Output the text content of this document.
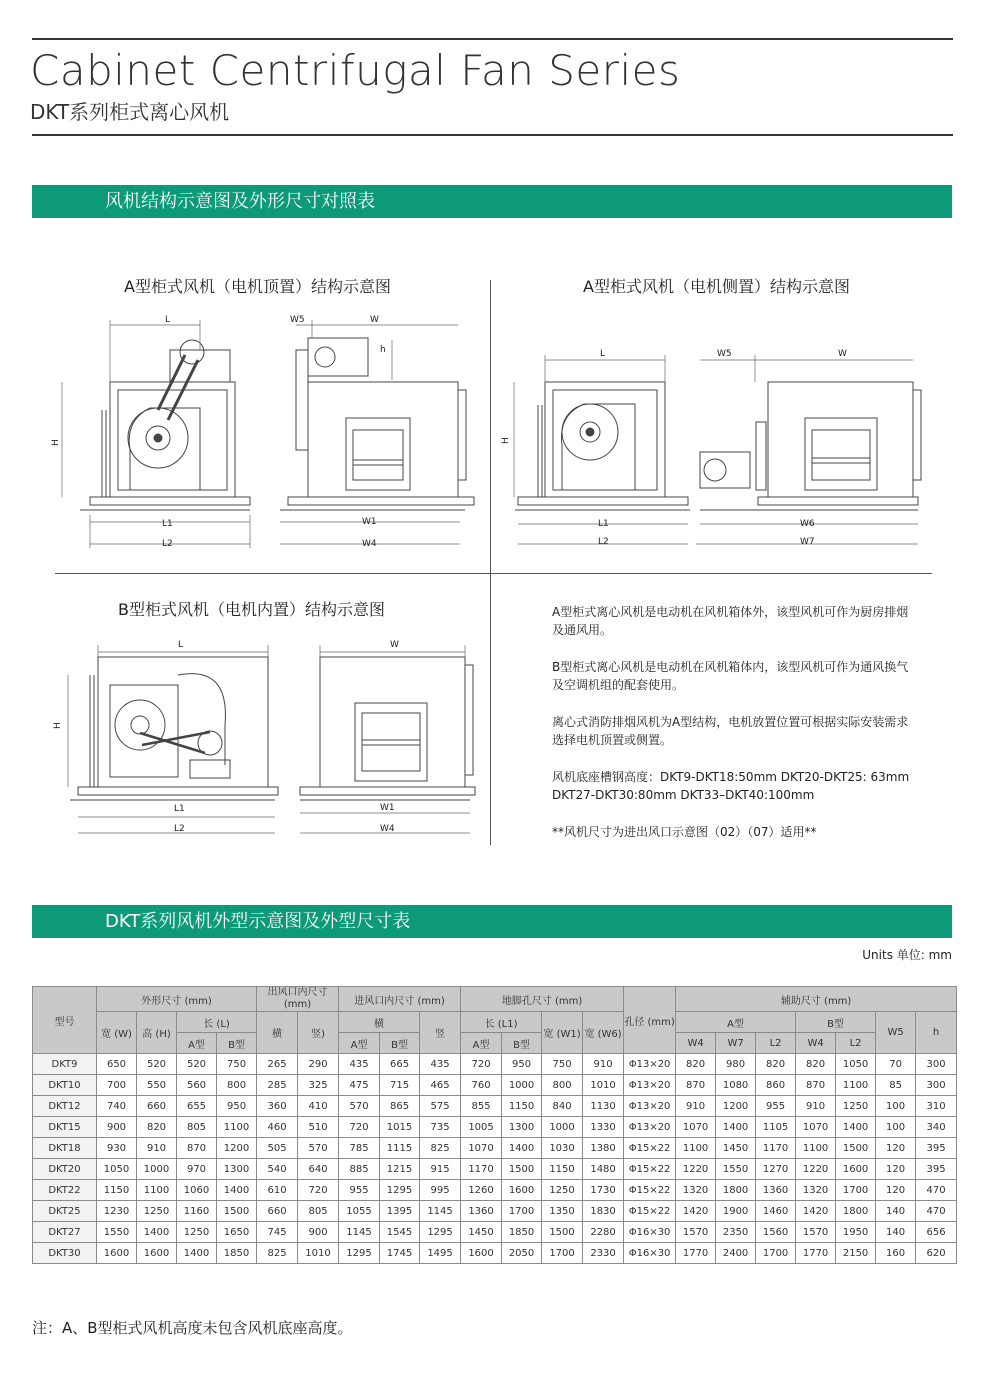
Cabinet Centrifugal Fan Series
DKT系列柜式离心风机
风机结构示意图及外形尺寸对照表
A型柜式风机（电机顶置）结构示意图	A型柜式风机（电机侧置）结构示意图
B型柜式风机（电机内置）结构示意图
L
H
L1
L2
W5	W
h
W1
W4
L
H
L1
L2
W5	W
W6
W7
L
H
L1
L2
W
W1
W4

A型柜式离心风机是电动机在风机箱体外，该型风机可作为厨房排烟及通风用。

B型柜式离心风机是电动机在风机箱体内，该型风机可作为通风换气及空调机组的配套使用。

离心式消防排烟风机为A型结构，电机放置位置可根据实际安装需求选择电机顶置或侧置。

风机底座槽钢高度：DKT9-DKT18:50mm DKT20-DKT25: 63mm DKT27-DKT30:80mm DKT33–DKT40:100mm

**风机尺寸为进出风口示意图（02）（07）适用**

DKT系列风机外型示意图及外型尺寸表
Units 单位: mm
型号	外形尺寸 (mm)				出风口内尺寸 (mm)		进风口内尺寸 (mm)			地脚孔尺寸 (mm)				孔径 (mm)	辅助尺寸 (mm)						
	宽 (W)	高 (H)	长 (L)		横	竖)	横		竖	长 (L1)		宽 (W1)	宽 (W6)		A型			B型		W5	h
			A型	B型			A型	B型		A型	B型				W4	W7	L2	W4	L2		
DKT9	650	520	520	750	265	290	435	665	435	720	950	750	910	Φ13×20	820	980	820	820	1050	70	300
DKT10	700	550	560	800	285	325	475	715	465	760	1000	800	1010	Φ13×20	870	1080	860	870	1100	85	300
DKT12	740	660	655	950	360	410	570	865	575	855	1150	840	1130	Φ13×20	910	1200	955	910	1250	100	310
DKT15	900	820	805	1100	460	510	720	1015	735	1005	1300	1000	1330	Φ13×20	1070	1400	1105	1070	1400	100	340
DKT18	930	910	870	1200	505	570	785	1115	825	1070	1400	1030	1380	Φ15×22	1100	1450	1170	1100	1500	120	395
DKT20	1050	1000	970	1300	540	640	885	1215	915	1170	1500	1150	1480	Φ15×22	1220	1550	1270	1220	1600	120	395
DKT22	1150	1100	1060	1400	610	720	955	1295	995	1260	1600	1250	1730	Φ15×22	1320	1800	1360	1320	1700	120	470
DKT25	1230	1250	1160	1500	660	805	1055	1395	1145	1360	1700	1350	1830	Φ15×22	1420	1900	1460	1420	1800	140	470
DKT27	1550	1400	1250	1650	745	900	1145	1545	1295	1450	1850	1500	2280	Φ16×30	1570	2350	1560	1570	1950	140	656
DKT30	1600	1600	1400	1850	825	1010	1295	1745	1495	1600	2050	1700	2330	Φ16×30	1770	2400	1700	1770	2150	160	620
注：A、B型柜式风机高度未包含风机底座高度。
